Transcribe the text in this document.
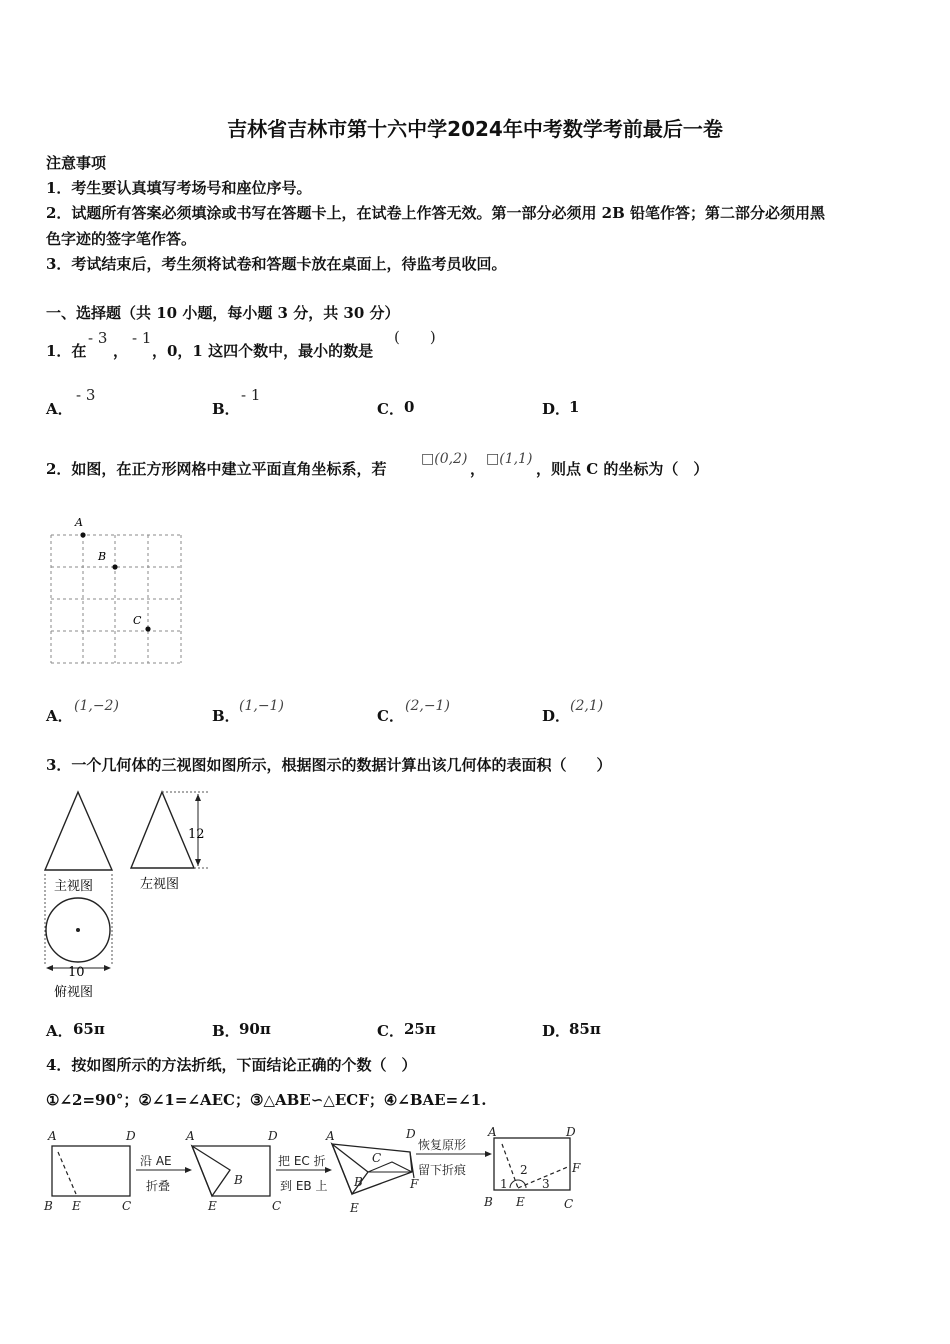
吉林省吉林市第十六中学2024年中考数学考前最后一卷
注意事项
1．考生要认真填写考场号和座位序号。
2．试题所有答案必须填涂或书写在答题卡上，在试卷上作答无效。第一部分必须用 2B 铅笔作答；第二部分必须用黑
色字迹的签字笔作答。
3．考试结束后，考生须将试卷和答题卡放在桌面上，待监考员收回。
一、选择题（共 10 小题，每小题 3 分，共 30 分）
1．在
- 3
，
- 1
，0，1 这四个数中，最小的数是
(　　)
A．
- 3
B．
- 1
C． 0	D．
1
2．如图，在正方形网格中建立平面直角坐标系，若
□(0,2)
，
□(1,1)
，则点 C 的坐标为（　）
A
B
C
A．
(1,−2)
B．
(1,−1)
C．
(2,−1)
D．
(2,1)
3．一个几何体的三视图如图所示，根据图示的数据计算出该几何体的表面积（　　）
12
主视图	左视图
10
俯视图
A． 65π	B． 90π	C． 25π	D．
85π
4．按如图所示的方法折纸，下面结论正确的个数（　）
①∠2=90°；②∠1=∠AEC；③△ABE∽△ECF；④∠BAE=∠1.
A	D
B E	C
沿 AE
折叠
A	D
B
E	C
把 EC 折
到 EB 上
A	D
C
B
E
F
恢复原形
留下折痕
A	D
F
B E	C
1
2
3
